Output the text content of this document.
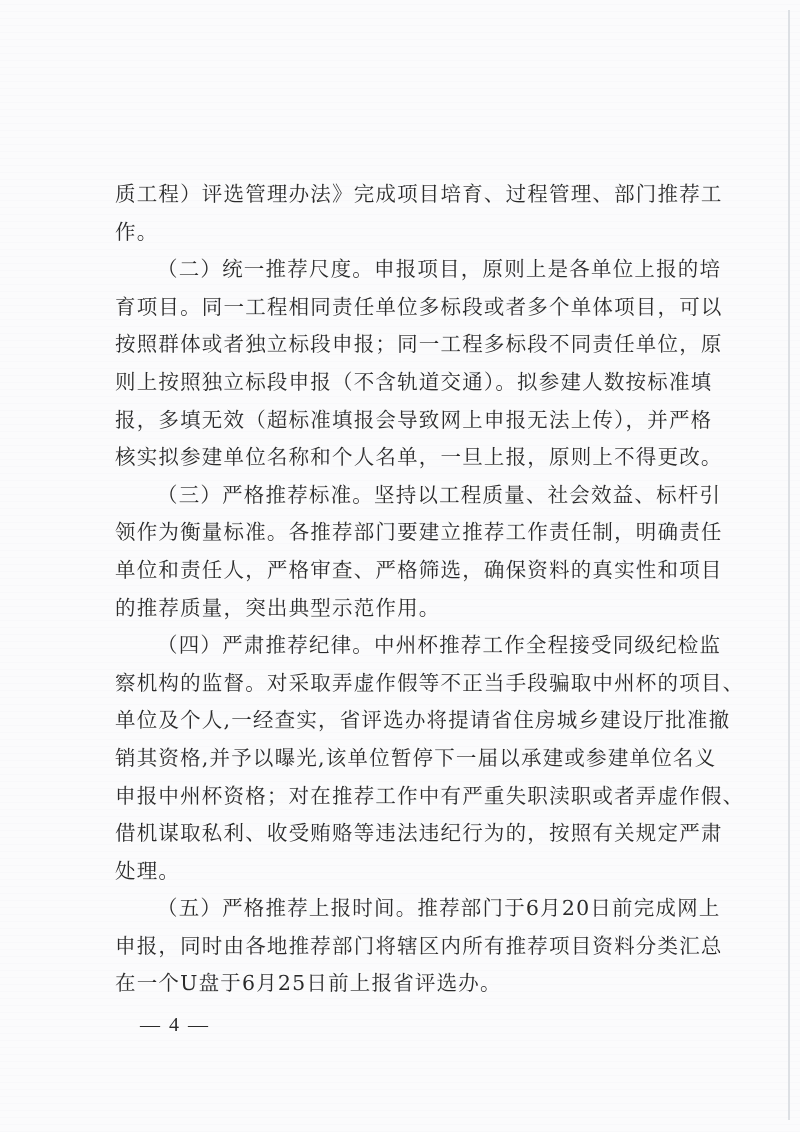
质工程）评选管理办法》完成项目培育、过程管理、部门推荐工
作。
（二）统一推荐尺度。申报项目，原则上是各单位上报的培
育项目。同一工程相同责任单位多标段或者多个单体项目，可以
按照群体或者独立标段申报；同一工程多标段不同责任单位，原
则上按照独立标段申报（不含轨道交通）。拟参建人数按标准填
报，多填无效（超标准填报会导致网上申报无法上传），并严格
核实拟参建单位名称和个人名单，一旦上报，原则上不得更改。
（三）严格推荐标准。坚持以工程质量、社会效益、标杆引
领作为衡量标准。各推荐部门要建立推荐工作责任制，明确责任
单位和责任人，严格审查、严格筛选，确保资料的真实性和项目
的推荐质量，突出典型示范作用。
（四）严肃推荐纪律。中州杯推荐工作全程接受同级纪检监
察机构的监督。对采取弄虚作假等不正当手段骗取中州杯的项目、
单位及个人,一经查实，省评选办将提请省住房城乡建设厅批准撤
销其资格,并予以曝光,该单位暂停下一届以承建或参建单位名义
申报中州杯资格；对在推荐工作中有严重失职渎职或者弄虚作假、
借机谋取私利、收受贿赂等违法违纪行为的，按照有关规定严肃
处理。
（五）严格推荐上报时间。推荐部门于6月20日前完成网上
申报，同时由各地推荐部门将辖区内所有推荐项目资料分类汇总
在一个U盘于6月25日前上报省评选办。
— 4 —
